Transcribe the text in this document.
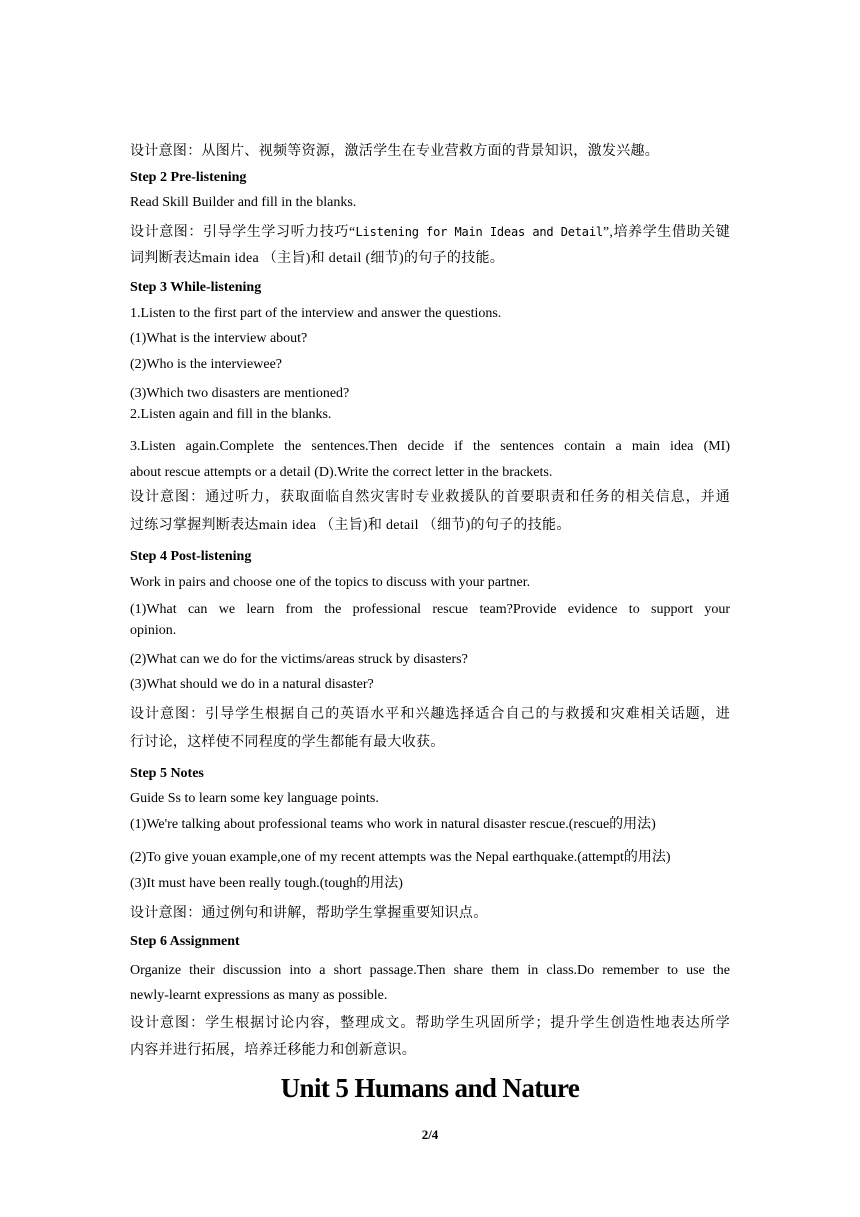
设计意图：从图片、视频等资源，激活学生在专业营救方面的背景知识，激发兴趣。

Step 2 Pre-listening

Read Skill Builder and fill in the blanks.

设计意图：引导学生学习听力技巧“Listening for Main Ideas and Detail”,培养学生借助关键

词判断表达main idea （主旨)和 detail (细节)的句子的技能。

Step 3 While-listening

1.Listen to the first part of the interview and answer the questions.

(1)What is the interview about?

(2)Who is the interviewee?

(3)Which two disasters are mentioned?

2.Listen again and fill in the blanks.

3.Listen again.Complete the sentences.Then decide if the sentences contain a main idea (MI)

about rescue attempts or a detail (D).Write the correct letter in the brackets.

设计意图：通过听力，获取面临自然灾害时专业救援队的首要职责和任务的相关信息，并通

过练习掌握判断表达main idea （主旨)和 detail （细节)的句子的技能。

Step 4 Post-listening

Work in pairs and choose one of the topics to discuss with your partner.

(1)What can we learn from the professional rescue team?Provide evidence to support your

opinion.

(2)What can we do for the victims/areas struck by disasters?

(3)What should we do in a natural disaster?

设计意图：引导学生根据自己的英语水平和兴趣选择适合自己的与救援和灾难相关话题，进

行讨论，这样使不同程度的学生都能有最大收获。

Step 5 Notes

Guide Ss to learn some key language points.

(1)We're talking about professional teams who work in natural disaster rescue.(rescue的用法)

(2)To give youan example,one of my recent attempts was the Nepal earthquake.(attempt的用法)

(3)It must have been really tough.(tough的用法)

设计意图：通过例句和讲解，帮助学生掌握重要知识点。

Step 6 Assignment

Organize their discussion into a short passage.Then share them in class.Do remember to use the

newly-learnt expressions as many as possible.

设计意图：学生根据讨论内容，整理成文。帮助学生巩固所学；提升学生创造性地表达所学

内容并进行拓展，培养迁移能力和创新意识。

Unit 5 Humans and Nature
2/4
